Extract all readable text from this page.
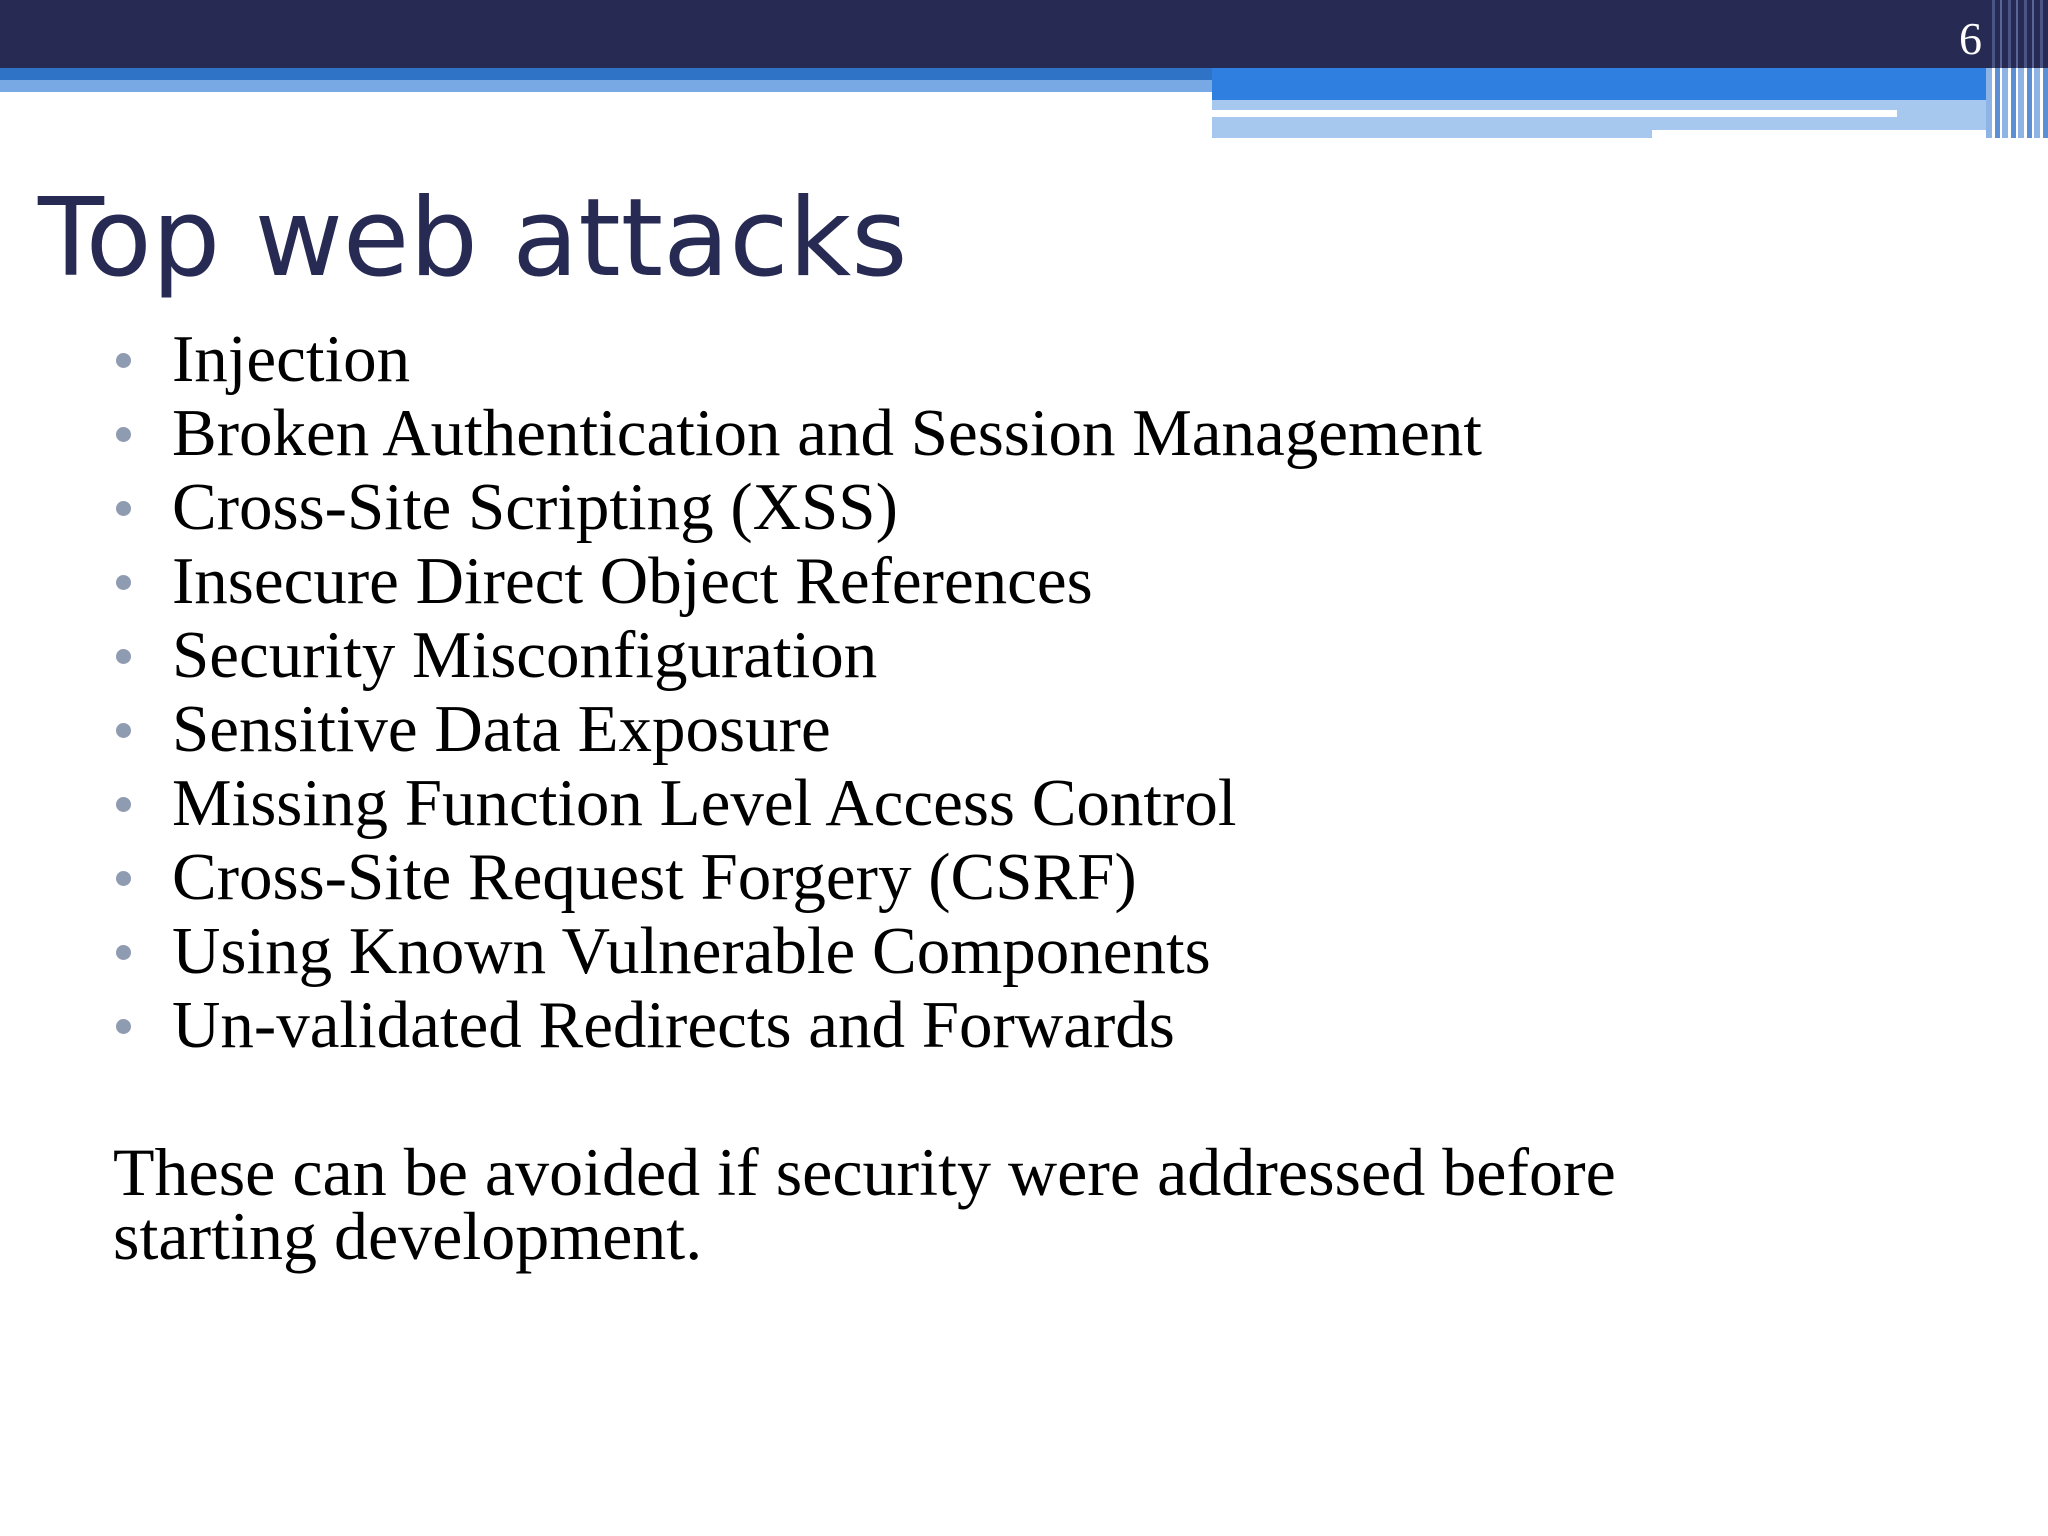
6
Top web attacks
Injection
Broken Authentication and Session Management
Cross-Site Scripting (XSS)
Insecure Direct Object References
Security Misconfiguration
Sensitive Data Exposure
Missing Function Level Access Control
Cross-Site Request Forgery (CSRF)
Using Known Vulnerable Components
Un-validated Redirects and Forwards

These can be avoided if security were addressed before starting development.
